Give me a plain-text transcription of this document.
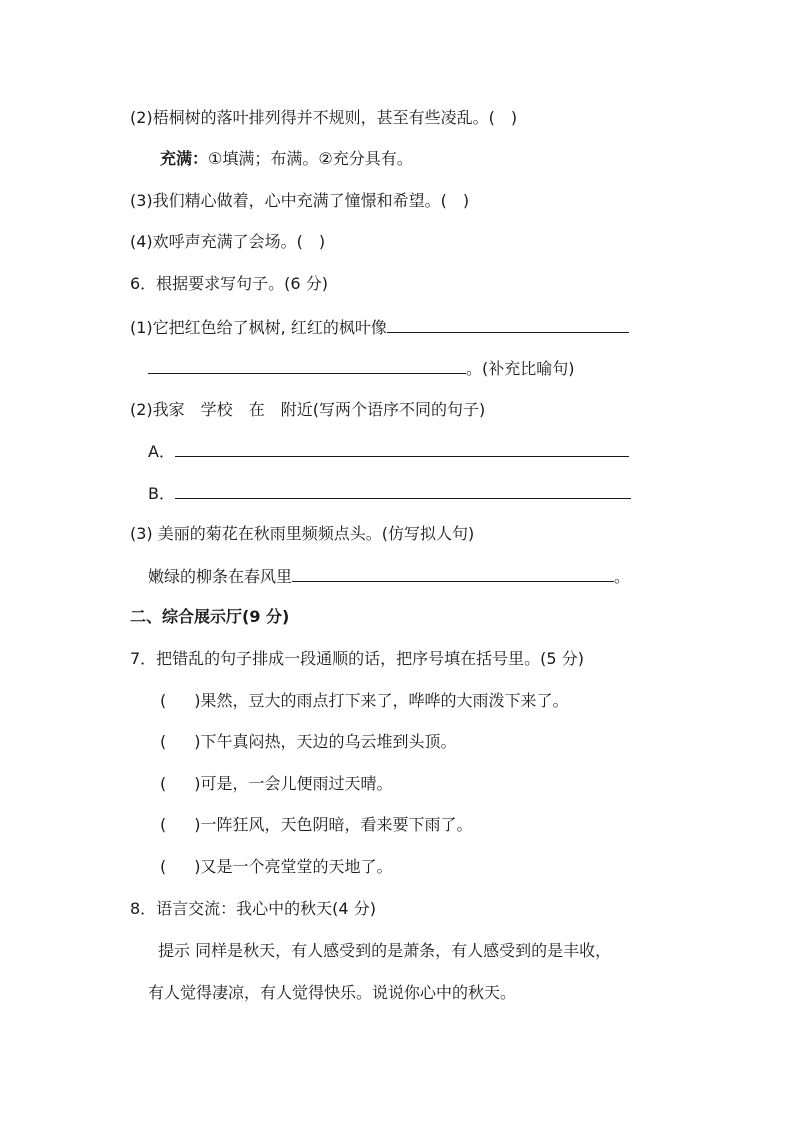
(2)梧桐树的落叶排列得并不规则，甚至有些凌乱。(　)
充满：①填满；布满。②充分具有。
(3)我们精心做着，心中充满了憧憬和希望。(　)
(4)欢呼声充满了会场。(　)
6．根据要求写句子。(6 分)
(1)它把红色给了枫树, 红红的枫叶像
。(补充比喻句)
(2)我家 学校 在 附近(写两个语序不同的句子)
A．
B．
(3) 美丽的菊花在秋雨里频频点头。(仿写拟人句)
嫩绿的柳条在春风里	。
二、综合展示厅(9 分)
7．把错乱的句子排成一段通顺的话，把序号填在括号里。(5 分)
( )果然，豆大的雨点打下来了，哗哗的大雨泼下来了。
( )下午真闷热，天边的乌云堆到头顶。
( )可是，一会儿便雨过天晴。
( )一阵狂风，天色阴暗，看来要下雨了。
( )又是一个亮堂堂的天地了。
8．语言交流：我心中的秋天(4 分)
提示 同样是秋天，有人感受到的是萧条，有人感受到的是丰收，
有人觉得凄凉，有人觉得快乐。说说你心中的秋天。
